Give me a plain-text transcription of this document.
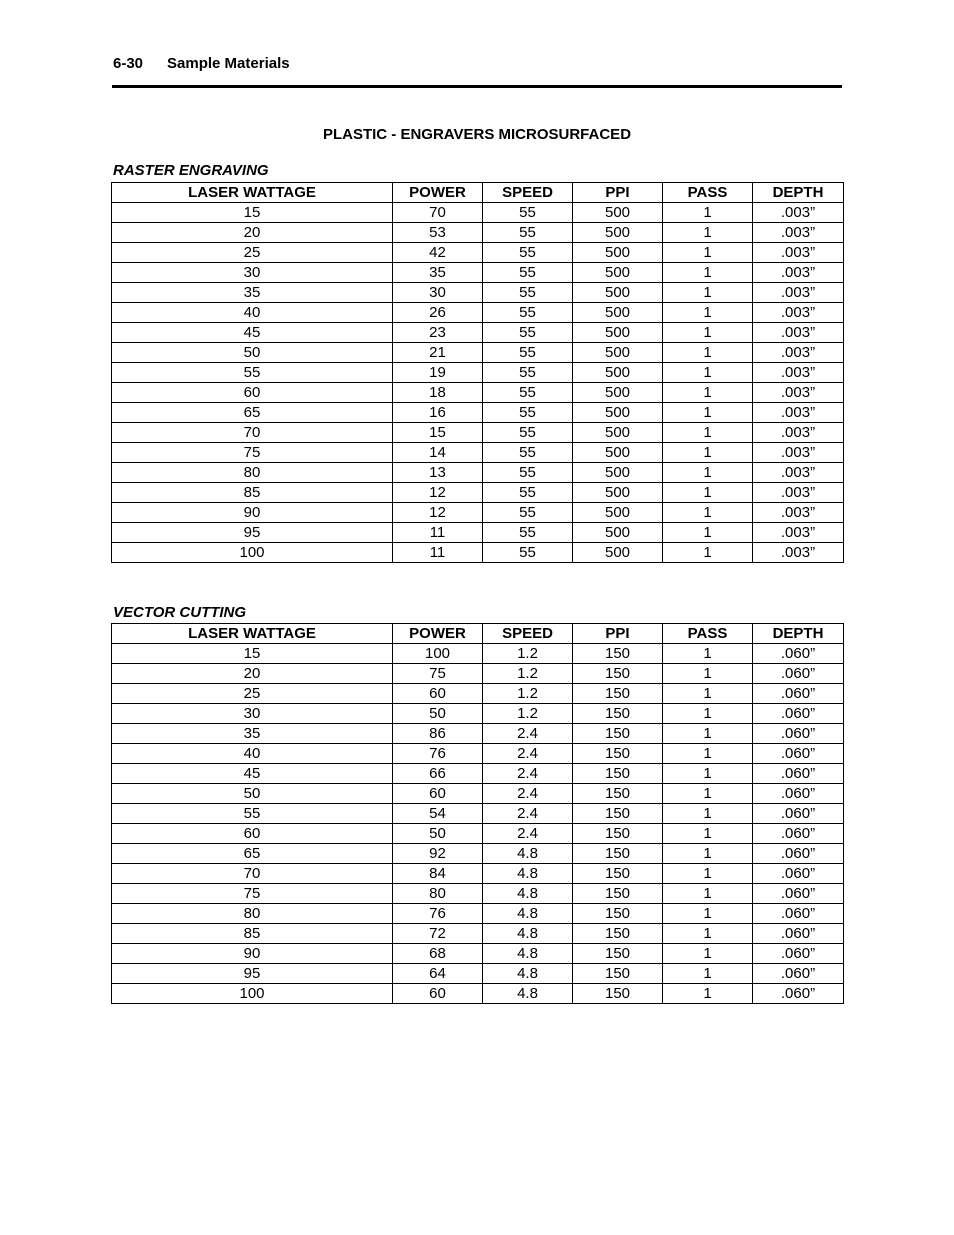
6-30 Sample Materials
PLASTIC - ENGRAVERS MICROSURFACED
RASTER ENGRAVING
LASER WATTAGE	POWER	SPEED	PPI	PASS	DEPTH
15	70	55	500	1	.003”
20	53	55	500	1	.003”
25	42	55	500	1	.003”
30	35	55	500	1	.003”
35	30	55	500	1	.003”
40	26	55	500	1	.003”
45	23	55	500	1	.003”
50	21	55	500	1	.003”
55	19	55	500	1	.003”
60	18	55	500	1	.003”
65	16	55	500	1	.003”
70	15	55	500	1	.003”
75	14	55	500	1	.003”
80	13	55	500	1	.003”
85	12	55	500	1	.003”
90	12	55	500	1	.003”
95	11	55	500	1	.003”
100	11	55	500	1	.003”
VECTOR CUTTING
LASER WATTAGE	POWER	SPEED	PPI	PASS	DEPTH
15	100	1.2	150	1	.060”
20	75	1.2	150	1	.060”
25	60	1.2	150	1	.060”
30	50	1.2	150	1	.060”
35	86	2.4	150	1	.060”
40	76	2.4	150	1	.060”
45	66	2.4	150	1	.060”
50	60	2.4	150	1	.060”
55	54	2.4	150	1	.060”
60	50	2.4	150	1	.060”
65	92	4.8	150	1	.060”
70	84	4.8	150	1	.060”
75	80	4.8	150	1	.060”
80	76	4.8	150	1	.060”
85	72	4.8	150	1	.060”
90	68	4.8	150	1	.060”
95	64	4.8	150	1	.060”
100	60	4.8	150	1	.060”
